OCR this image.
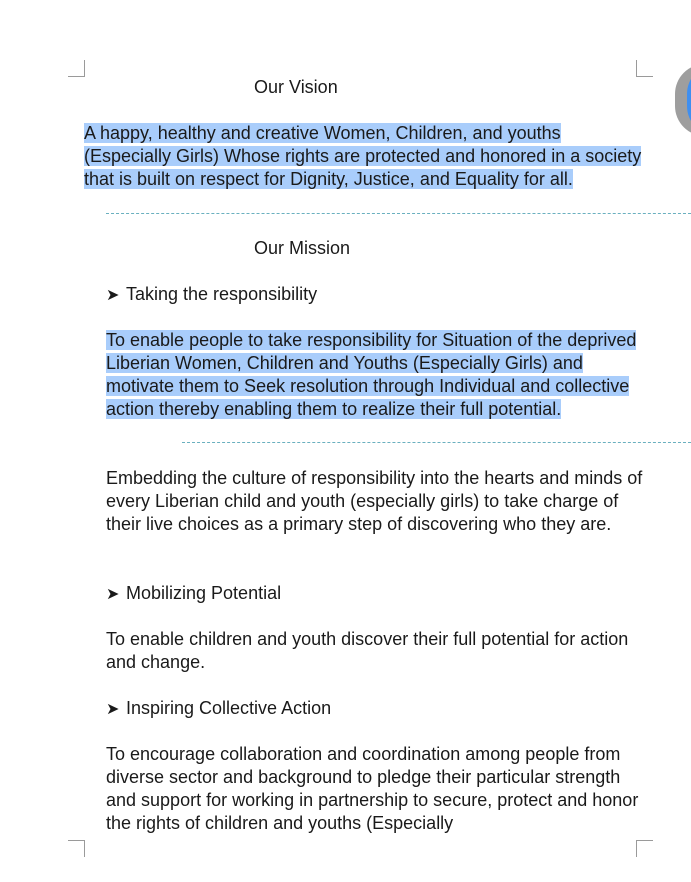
Our Vision

A happy, healthy and creative Women, Children, and youths (Especially Girls) Whose rights are protected and honored in a society that is built on respect for Dignity, Justice, and Equality for all.

Our Mission
➤ Taking the responsibility

To enable people to take responsibility for Situation of the deprived Liberian Women, Children and Youths (Especially Girls) and motivate them to Seek resolution through Individual and collective action thereby enabling them to realize their full potential.

Embedding the culture of responsibility into the hearts and minds of every Liberian child and youth (especially girls) to take charge of their live choices as a primary step of discovering who they are.

➤ Mobilizing Potential

To enable children and youth discover their full potential for action and change.

➤ Inspiring Collective Action

To encourage collaboration and coordination among people from diverse sector and background to pledge their particular strength and support for working in partnership to secure, protect and honor the rights of children and youths (Especially
